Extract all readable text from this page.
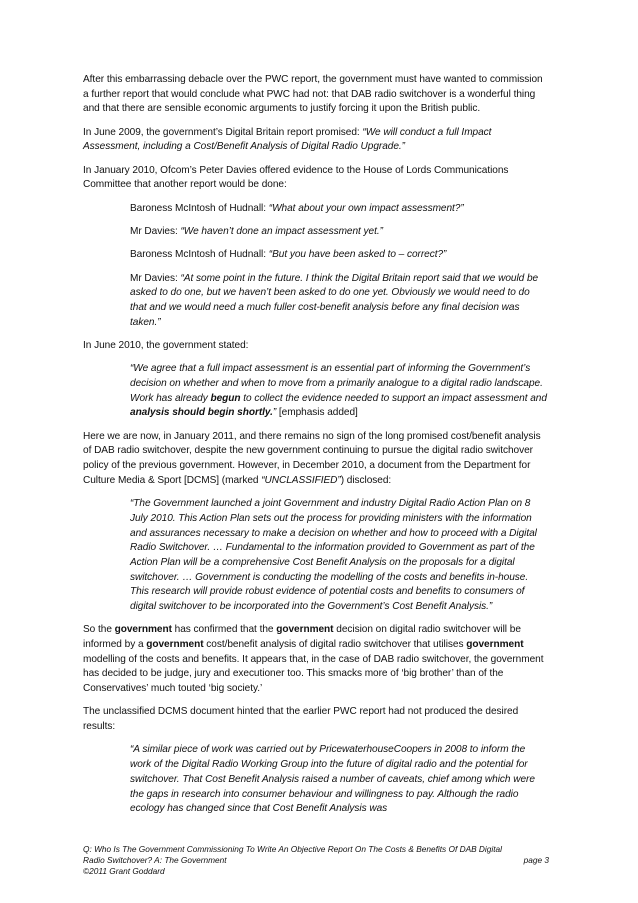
After this embarrassing debacle over the PWC report, the government must have wanted to commission a further report that would conclude what PWC had not: that DAB radio switchover is a wonderful thing and that there are sensible economic arguments to justify forcing it upon the British public.

In June 2009, the government’s Digital Britain report promised: “We will conduct a full Impact Assessment, including a Cost/Benefit Analysis of Digital Radio Upgrade.”

In January 2010, Ofcom’s Peter Davies offered evidence to the House of Lords Communications Committee that another report would be done:

Baroness McIntosh of Hudnall: “What about your own impact assessment?”

Mr Davies: “We haven’t done an impact assessment yet.”

Baroness McIntosh of Hudnall: “But you have been asked to – correct?”

Mr Davies: “At some point in the future. I think the Digital Britain report said that we would be asked to do one, but we haven’t been asked to do one yet. Obviously we would need to do that and we would need a much fuller cost-benefit analysis before any final decision was taken.”

In June 2010, the government stated:

“We agree that a full impact assessment is an essential part of informing the Government’s decision on whether and when to move from a primarily analogue to a digital radio landscape. Work has already begun to collect the evidence needed to support an impact assessment and analysis should begin shortly.” [emphasis added]

Here we are now, in January 2011, and there remains no sign of the long promised cost/benefit analysis of DAB radio switchover, despite the new government continuing to pursue the digital radio switchover policy of the previous government. However, in December 2010, a document from the Department for Culture Media & Sport [DCMS] (marked “UNCLASSIFIED”) disclosed:

“The Government launched a joint Government and industry Digital Radio Action Plan on 8 July 2010. This Action Plan sets out the process for providing ministers with the information and assurances necessary to make a decision on whether and how to proceed with a Digital Radio Switchover. … Fundamental to the information provided to Government as part of the Action Plan will be a comprehensive Cost Benefit Analysis on the proposals for a digital switchover. … Government is conducting the modelling of the costs and benefits in-house. This research will provide robust evidence of potential costs and benefits to consumers of digital switchover to be incorporated into the Government’s Cost Benefit Analysis.”

So the government has confirmed that the government decision on digital radio switchover will be informed by a government cost/benefit analysis of digital radio switchover that utilises government modelling of the costs and benefits. It appears that, in the case of DAB radio switchover, the government has decided to be judge, jury and executioner too. This smacks more of ‘big brother’ than of the Conservatives’ much touted ‘big society.’

The unclassified DCMS document hinted that the earlier PWC report had not produced the desired results:

“A similar piece of work was carried out by PricewaterhouseCoopers in 2008 to inform the work of the Digital Radio Working Group into the future of digital radio and the potential for switchover. That Cost Benefit Analysis raised a number of caveats, chief among which were the gaps in research into consumer behaviour and willingness to pay. Although the radio ecology has changed since that Cost Benefit Analysis was

Q: Who Is The Government Commissioning To Write An Objective Report On The Costs & Benefits Of DAB Digital
Radio Switchover? A: The Government	page 3
©2011 Grant Goddard
